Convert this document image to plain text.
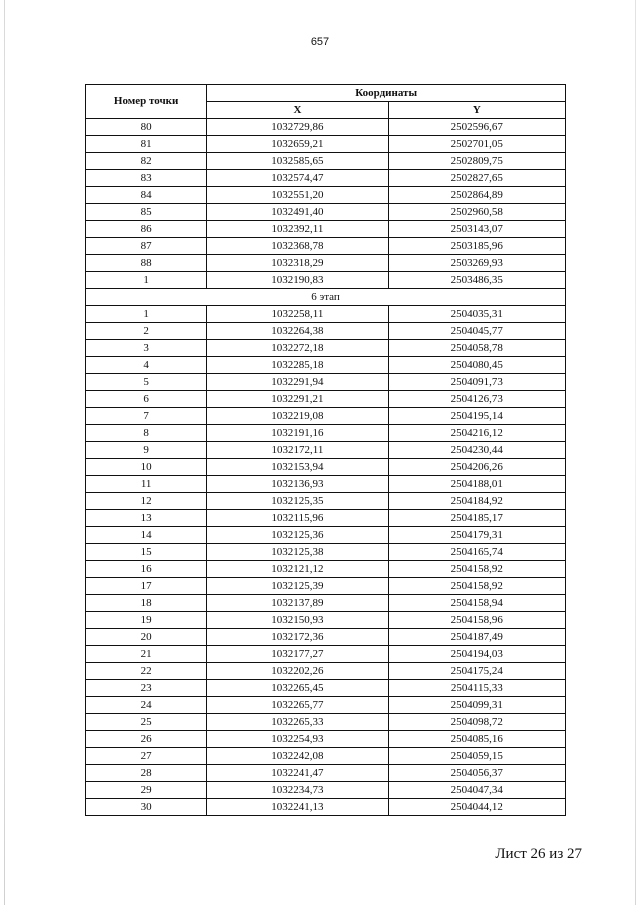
657
Номер точки	Координаты	
	X	Y
80	1032729,86	2502596,67
81	1032659,21	2502701,05
82	1032585,65	2502809,75
83	1032574,47	2502827,65
84	1032551,20	2502864,89
85	1032491,40	2502960,58
86	1032392,11	2503143,07
87	1032368,78	2503185,96
88	1032318,29	2503269,93
1	1032190,83	2503486,35
6 этап		
1	1032258,11	2504035,31
2	1032264,38	2504045,77
3	1032272,18	2504058,78
4	1032285,18	2504080,45
5	1032291,94	2504091,73
6	1032291,21	2504126,73
7	1032219,08	2504195,14
8	1032191,16	2504216,12
9	1032172,11	2504230,44
10	1032153,94	2504206,26
11	1032136,93	2504188,01
12	1032125,35	2504184,92
13	1032115,96	2504185,17
14	1032125,36	2504179,31
15	1032125,38	2504165,74
16	1032121,12	2504158,92
17	1032125,39	2504158,92
18	1032137,89	2504158,94
19	1032150,93	2504158,96
20	1032172,36	2504187,49
21	1032177,27	2504194,03
22	1032202,26	2504175,24
23	1032265,45	2504115,33
24	1032265,77	2504099,31
25	1032265,33	2504098,72
26	1032254,93	2504085,16
27	1032242,08	2504059,15
28	1032241,47	2504056,37
29	1032234,73	2504047,34
30	1032241,13	2504044,12
Лист 26 из 27
